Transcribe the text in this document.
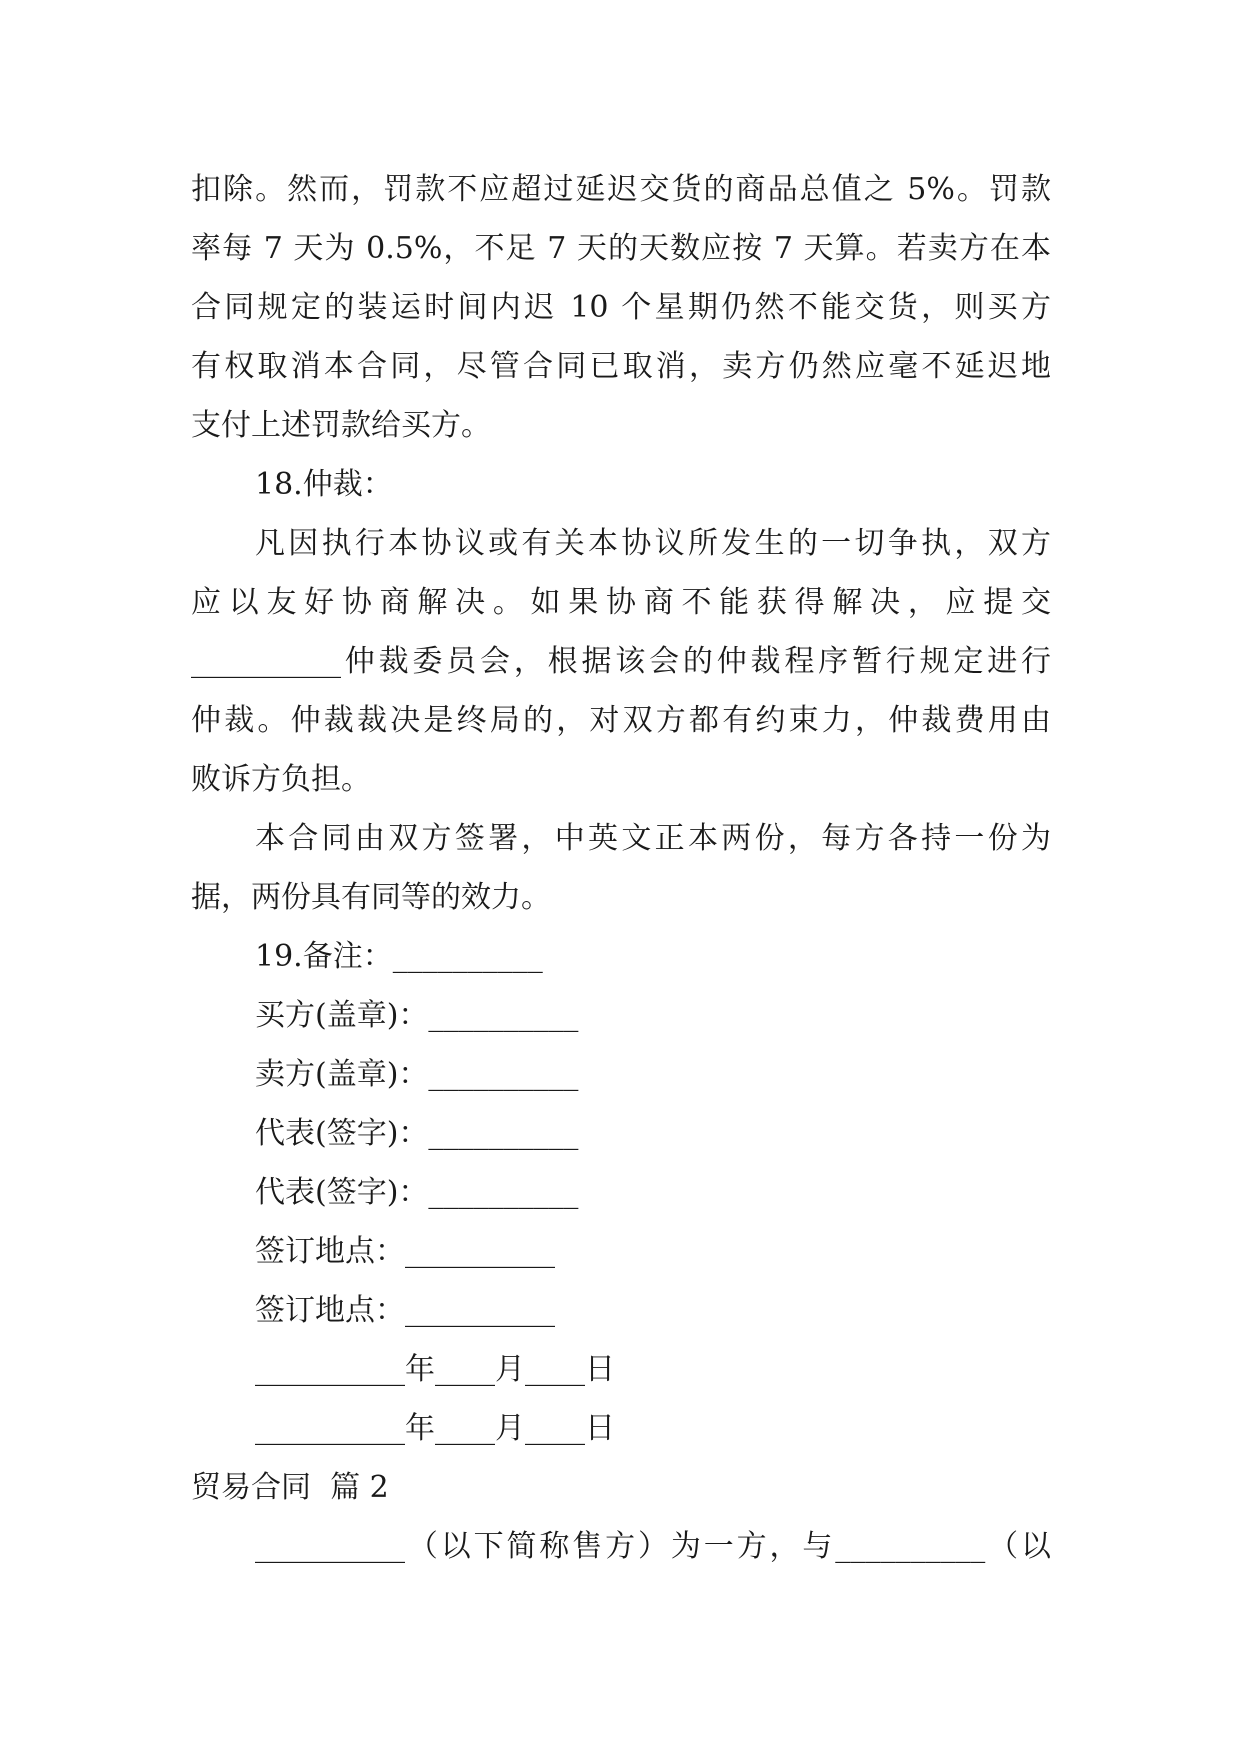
扣除。然而，罚款不应超过延迟交货的商品总值之 5%。罚款
率每 7 天为 0.5%，不足 7 天的天数应按 7 天算。若卖方在本
合同规定的装运时间内迟 10 个星期仍然不能交货，则买方
有权取消本合同，尽管合同已取消，卖方仍然应毫不延迟地
支付上述罚款给买方。
18.仲裁：
凡因执行本协议或有关本协议所发生的一切争执，双方
应以友好协商解决。如果协商不能获得解决，应提交
__________仲裁委员会，根据该会的仲裁程序暂行规定进行
仲裁。仲裁裁决是终局的，对双方都有约束力，仲裁费用由
败诉方负担。
本合同由双方签署，中英文正本两份，每方各持一份为
据，两份具有同等的效力。
19.备注：__________
买方(盖章)：__________
卖方(盖章)：__________
代表(签字)：__________
代表(签字)：__________
签订地点：__________
签订地点：__________
__________年____月____日
__________年____月____日
贸易合同  篇 2
__________（以下简称售方）为一方，与__________（以
